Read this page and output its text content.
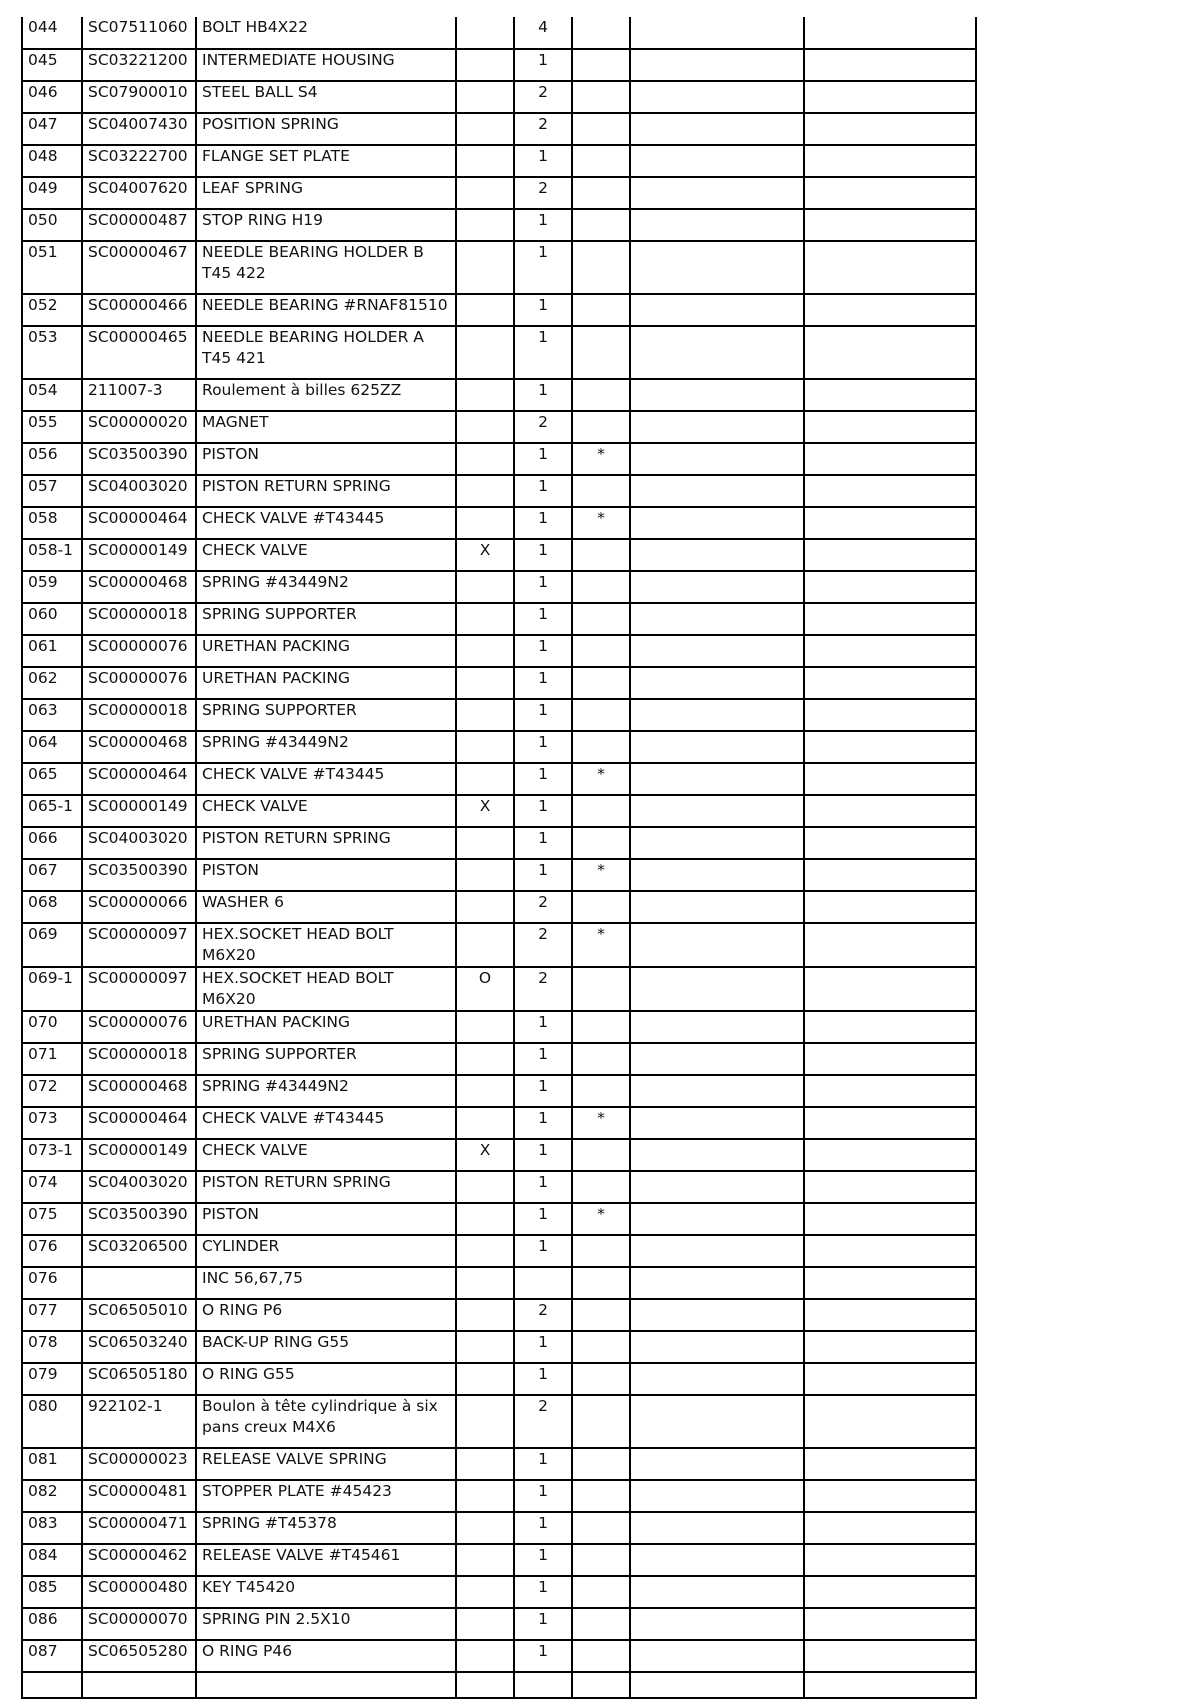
044	SC07511060	BOLT HB4X22		4			
045	SC03221200	INTERMEDIATE HOUSING		1			
046	SC07900010	STEEL BALL S4		2			
047	SC04007430	POSITION SPRING		2			
048	SC03222700	FLANGE SET PLATE		1			
049	SC04007620	LEAF SPRING		2			
050	SC00000487	STOP RING H19		1			
051	SC00000467	NEEDLE BEARING HOLDER B T45 422		1			
052	SC00000466	NEEDLE BEARING #RNAF81510		1			
053	SC00000465	NEEDLE BEARING HOLDER A T45 421		1			
054	211007-3	Roulement à billes 625ZZ		1			
055	SC00000020	MAGNET		2			
056	SC03500390	PISTON		1	*		
057	SC04003020	PISTON RETURN SPRING		1			
058	SC00000464	CHECK VALVE #T43445		1	*		
058-1	SC00000149	CHECK VALVE	X	1			
059	SC00000468	SPRING #43449N2		1			
060	SC00000018	SPRING SUPPORTER		1			
061	SC00000076	URETHAN PACKING		1			
062	SC00000076	URETHAN PACKING		1			
063	SC00000018	SPRING SUPPORTER		1			
064	SC00000468	SPRING #43449N2		1			
065	SC00000464	CHECK VALVE #T43445		1	*		
065-1	SC00000149	CHECK VALVE	X	1			
066	SC04003020	PISTON RETURN SPRING		1			
067	SC03500390	PISTON		1	*		
068	SC00000066	WASHER 6		2			
069	SC00000097	HEX.SOCKET HEAD BOLT M6X20		2	*		
069-1	SC00000097	HEX.SOCKET HEAD BOLT M6X20	O	2			
070	SC00000076	URETHAN PACKING		1			
071	SC00000018	SPRING SUPPORTER		1			
072	SC00000468	SPRING #43449N2		1			
073	SC00000464	CHECK VALVE #T43445		1	*		
073-1	SC00000149	CHECK VALVE	X	1			
074	SC04003020	PISTON RETURN SPRING		1			
075	SC03500390	PISTON		1	*		
076	SC03206500	CYLINDER		1			
076		INC 56,67,75					
077	SC06505010	O RING P6		2			
078	SC06503240	BACK-UP RING G55		1			
079	SC06505180	O RING G55		1			
080	922102-1	Boulon à tête cylindrique à six pans creux M4X6		2			
081	SC00000023	RELEASE VALVE SPRING		1			
082	SC00000481	STOPPER PLATE #45423		1			
083	SC00000471	SPRING #T45378		1			
084	SC00000462	RELEASE VALVE #T45461		1			
085	SC00000480	KEY T45420		1			
086	SC00000070	SPRING PIN 2.5X10		1			
087	SC06505280	O RING P46		1			
